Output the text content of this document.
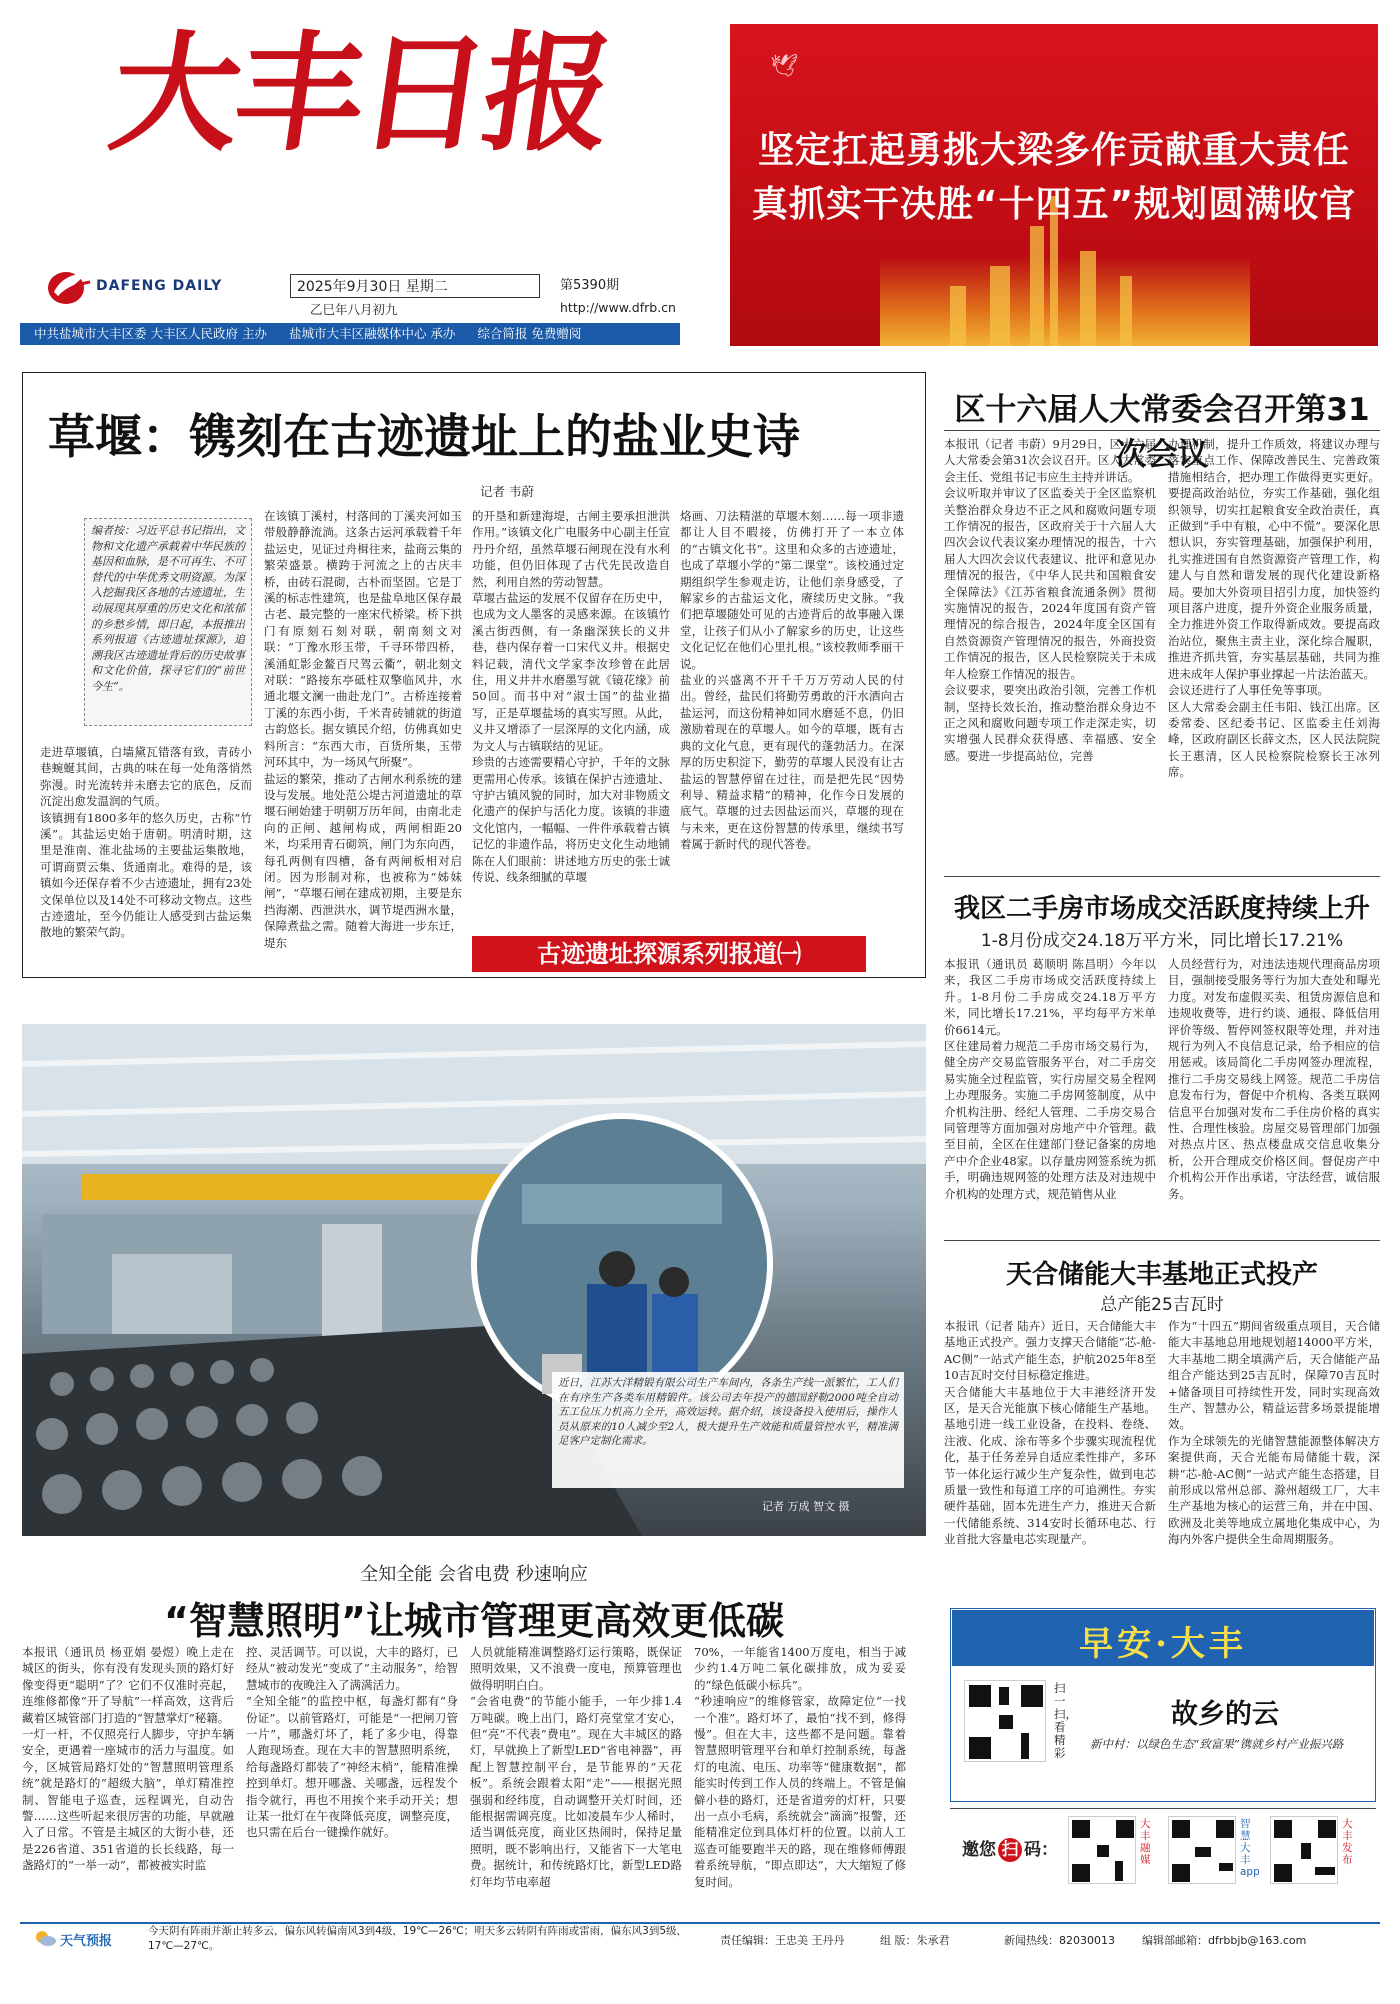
大丰日报
DAFENG DAILY	2025年9月30日 星期二
乙巳年八月初九
第5390期
http://www.dfrb.cn
中共盐城市大丰区委 大丰区人民政府 主办 盐城市大丰区融媒体中心 承办 综合简报 免费赠阅
🕊
坚定扛起勇挑大梁多作贡献重大责任
真抓实干决胜“十四五”规划圆满收官
草堰：镌刻在古迹遗址上的盐业史诗
记者 韦蔚
编者按：习近平总书记指出，文物和文化遗产承载着中华民族的基因和血脉，是不可再生、不可替代的中华优秀文明资源。为深入挖掘我区各地的古迹遗址，生动展现其厚重的历史文化和浓郁的乡愁乡情，即日起，本报推出系列报道《古迹遗址探源》，追溯我区古迹遗址背后的历史故事和文化价值，探寻它们的“前世今生”。
走进草堰镇，白墙黛瓦错落有致，青砖小巷蜿蜒其间，古典的味在每一处角落悄然弥漫。时光流转并未磨去它的底色，反而沉淀出愈发温润的气质。
该镇拥有1800多年的悠久历史，古称“竹溪”。其盐运史始于唐朝。明清时期，这里是淮南、淮北盐场的主要盐运集散地，可谓商贾云集、货通南北。难得的是，该镇如今还保存着不少古迹遗址，拥有23处文保单位以及14处不可移动文物点。这些古迹遗址，至今仍能让人感受到古盐运集散地的繁荣气韵。
在该镇丁溪村，村落间的丁溪夹河如玉带般静静流淌。这条古运河承载着千年盐运史，见证过舟楫往来，盐商云集的繁荣盛景。横跨于河流之上的古庆丰桥，由砖石混砌，古朴而坚固。它是丁溪的标志性建筑，也是盐阜地区保存最古老、最完整的一座宋代桥梁。桥下拱门有原刻石刻对联，朝南刻文对联：“丁豫水形玉带，千寻环带四桥，溪涌虹影金鳌百尺驾云衢”，朝北刻文对联：“路接东亭砥柱双擎临风井，水通北堰文澜一曲赴龙门”。古桥连接着丁溪的东西小街，千米青砖铺就的街道古韵悠长。据女镇民介绍，仿佛真如史料所言：“东西大市，百货所集，玉带河环其中，为一场风气所聚”。
盐运的繁荣，推动了古闸水利系统的建设与发展。地处范公堤古河道遗址的草堰石闸始建于明朝万历年间，由南北走向的正闸、越闸构成，两闸相距20米，均采用青石砌筑，闸门为东向西，每孔两侧有四槽，备有两闸板相对启闭。因为形制对称，也被称为“姊妹闸”，“草堰石闸在建成初期，主要是东挡海潮、西泄洪水，调节堤西洲水量，保障煮盐之需。随着大海进一步东迁，堤东
的开垦和新建海堤，古闸主要承担泄洪作用。”该镇文化广电服务中心副主任宣丹丹介绍，虽然草堰石闸现在没有水利功能，但仍旧体现了古代先民改造自然，利用自然的劳动智慧。
草堰古盐运的发展不仅留存在历史中，也成为文人墨客的灵感来源。在该镇竹溪古街西侧，有一条幽深狭长的义井巷，巷内保存着一口宋代义井。根据史料记载，清代文学家李汝珍曾在此居住，用义井井水磨墨写就《镜花缘》前50回。而书中对“淑士国”的盐业描写，正是草堰盐场的真实写照。从此，义井又增添了一层深厚的文化内涵，成为文人与古镇联结的见证。
珍贵的古迹需要精心守护，千年的文脉更需用心传承。该镇在保护古迹遗址、守护古镇风貌的同时，加大对非物质文化遗产的保护与活化力度。该镇的非遗文化馆内，一幅幅、一件件承载着古镇记忆的非遗作品，将历史文化生动地铺陈在人们眼前：讲述地方历史的张士诚传说、线条细腻的草堰
烙画、刀法精湛的草堰木刻……每一项非遗都让人目不暇接，仿佛打开了一本立体的“古镇文化书”。这里和众多的古迹遗址，也成了草堰小学的“第二课堂”。该校通过定期组织学生参观走访，让他们亲身感受，了解家乡的古盐运文化，赓续历史文脉。“我们把草堰随处可见的古迹背后的故事融入课堂，让孩子们从小了解家乡的历史，让这些文化记忆在他们心里扎根。”该校教师季丽干说。
盐业的兴盛离不开千千万万劳动人民的付出。曾经，盐民们将勤劳勇敢的汗水洒向古盐运河，而这份精神如同水磨延不息，仍旧激励着现在的草堰人。如今的草堰，既有古典的文化气息，更有现代的蓬勃活力。在深厚的历史积淀下，勤劳的草堰人民没有让古盐运的智慧停留在过往，而是把先民“因势利导、精益求精”的精神，化作今日发展的底气。草堰的过去因盐运而兴，草堰的现在与未来，更在这份智慧的传承里，继续书写着属于新时代的现代答卷。
古迹遗址探源系列报道㈠
区十六届人大常委会召开第31次会议
本报讯（记者 韦蔚）9月29日，区十六届人大常委会第31次会议召开。区人大常委会主任、党组书记韦应生主持并讲话。
会议听取并审议了区监委关于全区监察机关整治群众身边不正之风和腐败问题专项工作情况的报告，区政府关于十六届人大四次会议代表议案办理情况的报告，十六届人大四次会议代表建议、批评和意见办理情况的报告，《中华人民共和国粮食安全保障法》《江苏省粮食流通条例》贯彻实施情况的报告，2024年度国有资产管理情况的综合报告，2024年度全区国有自然资源资产管理情况的报告，外商投资工作情况的报告，区人民检察院关于未成年人检察工作情况的报告。
会议要求，要突出政治引领，完善工作机制，坚持长效长治，推动整治群众身边不正之风和腐败问题专项工作走深走实，切实增强人民群众获得感、幸福感、安全感。要进一步提高站位，完善
办理机制，提升工作质效，将建议办理与落实重点工作、保障改善民生、完善政策措施相结合，把办理工作做得更实更好。要提高政治站位，夯实工作基础，强化组织领导，切实扛起粮食安全政治责任，真正做到“手中有粮，心中不慌”。要深化思想认识，夯实管理基础，加强保护利用，扎实推进国有自然资源资产管理工作，构建人与自然和谐发展的现代化建设新格局。要加大外资项目招引力度，加快签约项目落户进度，提升外资企业服务质量，全力推进外资工作取得新成效。要提高政治站位，聚焦主责主业，深化综合履职，推进齐抓共管，夯实基层基础，共同为推进未成年人保护事业撑起一片法治蓝天。
会议还进行了人事任免等事项。
区人大常委会副主任韦阳、钱江出席。区委常委、区纪委书记、区监委主任刘海峰，区政府副区长薛文杰，区人民法院院长王惠清，区人民检察院检察长王冰列席。
我区二手房市场成交活跃度持续上升
1-8月份成交24.18万平方米，同比增长17.21%
本报讯（通讯员 葛顺明 陈昌明）今年以来，我区二手房市场成交活跃度持续上升。1-8月份二手房成交24.18万平方米，同比增长17.21%，平均每平方米单价6614元。
区住建局着力规范二手房市场交易行为，健全房产交易监管服务平台，对二手房交易实施全过程监管，实行房屋交易全程网上办理服务。实施二手房网签制度，从中介机构注册、经纪人管理、二手房交易合同管理等方面加强对房地产中介管理。截至目前，全区在住建部门登记备案的房地产中介企业48家。以存量房网签系统为抓手，明确违规网签的处理方法及对违规中介机构的处理方式，规范销售从业
人员经营行为，对违法违规代理商品房项目，强制接受服务等行为加大查处和曝光力度。对发布虚假买卖、租赁房源信息和违规收费等，进行约谈、通报、降低信用评价等级、暂停网签权限等处理，并对违规行为列入不良信息记录，给予相应的信用惩戒。该局简化二手房网签办理流程，推行二手房交易线上网签。规范二手房信息发布行为，督促中介机构、各类互联网信息平台加强对发布二手住房价格的真实性、合理性核验。房屋交易管理部门加强对热点片区、热点楼盘成交信息收集分析，公开合理成交价格区间。督促房产中介机构公开作出承诺，守法经营，诚信服务。
近日，江苏大洋精锻有限公司生产车间内，各条生产线一派繁忙，工人们在有序生产各类车用精锻件。该公司去年投产的德国舒勒2000吨全自动五工位压力机高力全开，高效运转。据介绍，该设备投入使用后，操作人员从原来的10人减少至2人，极大提升生产效能和质量管控水平，精准满足客户定制化需求。
记者 万成 智文 摄
天合储能大丰基地正式投产
总产能25吉瓦时
本报讯（记者 陆卉）近日，天合储能大丰基地正式投产。强力支撑天合储能“芯-舱-AC侧”一站式产能生态，护航2025年8至10吉瓦时交付目标稳定推进。
天合储能大丰基地位于大丰港经济开发区，是天合光能旗下核心储能生产基地。基地引进一线工业设备，在投料、卷绕、注液、化成、涂布等多个步骤实现流程优化，基于任务差异自适应柔性排产，多环节一体化运行减少生产复杂性，做到电芯质量一致性和每道工序的可追溯性。夯实硬件基础，固本先进生产力，推进天合新一代储能系统、314安时长循环电芯、行业首批大容量电芯实现量产。
作为“十四五”期间省级重点项目，天合储能大丰基地总用地规划超14000平方米，大丰基地二期全填满产后，天合储能产品组合产能达到25吉瓦时，保障70吉瓦时+储备项目可持续性开发，同时实现高效生产、智慧办公，精益运营多场景提能增效。
作为全球领先的光储智慧能源整体解决方案提供商，天合光能布局储能十载，深耕“芯-舱-AC侧”一站式产能生态搭建，目前形成以常州总部、滁州超级工厂，大丰生产基地为核心的运营三角，并在中国、欧洲及北美等地成立属地化集成中心，为海内外客户提供全生命周期服务。
全知全能 会省电费 秒速响应
“智慧照明”让城市管理更高效更低碳
本报讯（通讯员 杨亚娟 晏煜）晚上走在城区的街头，你有没有发现头顶的路灯好像变得更“聪明”了？它们不仅准时亮起，连维修都像“开了导航”一样高效，这背后藏着区城管部门打造的“智慧掌灯”秘籍。
一灯一杆，不仅照亮行人脚步，守护车辆安全，更遇着一座城市的活力与温度。如今，区城管局路灯处的“智慧照明管理系统”就是路灯的“超级大脑”，单灯精准控制、智能电子巡查，远程调光，自动告警……这些听起来很厉害的功能，早就融入了日常。不管是主城区的大街小巷，还是226省道、351省道的长长线路，每一盏路灯的“一举一动”，都被被实时监
控、灵活调节。可以说，大丰的路灯，已经从“被动发光”变成了“主动服务”，给智慧城市的夜晚注入了满满活力。
“全知全能”的监控中枢，每盏灯都有“身份证”。以前管路灯，可能是“一把闸刀管一片”，哪盏灯坏了，耗了多少电，得靠人跑现场查。现在大丰的智慧照明系统，给每盏路灯都装了“神经末梢”，能精准操控到单灯。想开哪盏、关哪盏，远程发个指令就行，再也不用挨个来手动开关；想让某一批灯在午夜降低亮度，调整亮度，也只需在后台一键操作就好。
人员就能精准调整路灯运行策略，既保证照明效果，又不浪费一度电，预算管理也做得明明白白。
“会省电费”的节能小能手，一年少排1.4万吨碳。晚上出门，路灯亮堂堂才安心，但“亮”不代表“费电”。现在大丰城区的路灯，早就换上了新型LED“省电神器”，再配上智慧控制平台，是节能界的“天花板”。系统会跟着太阳“走”——根据光照强弱和经纬度，自动调整开关灯时间，还能根据需调亮度。比如凌晨车少人稀时，适当调低亮度，商业区热闹时，保持足量照明，既不影响出行，又能省下一大笔电费。据统计，和传统路灯比，新型LED路灯年均节电率超
70%，一年能省1400万度电，相当于减少约1.4万吨二氧化碳排放，成为妥妥的“绿色低碳小标兵”。
“秒速响应”的维修管家，故障定位“一找一个准”。路灯坏了，最怕“找不到，修得慢”。但在大丰，这些都不是问题。靠着智慧照明管理平台和单灯控制系统，每盏灯的电流、电压、功率等“健康数据”，都能实时传到工作人员的终端上。不管是偏僻小巷的路灯，还是省道旁的灯杆，只要出一点小毛病，系统就会“滴滴”报警，还能精准定位到具体灯杆的位置。以前人工巡查可能要跑半天的路，现在维修师傅跟着系统导航，“即点即达”，大大缩短了修复时间。
早安·大丰
扫一扫，看精彩
故乡的云
新中村：以绿色生态“致富果”镌就乡村产业振兴路
邀您 扫 码：
大丰融媒
智慧大丰app
大丰发布
天气预报
今天阴有阵雨并渐止转多云，偏东风转偏南风3到4级，19℃—26℃；明天多云转阴有阵雨或雷雨，偏东风3到5级，17℃—27℃。	责任编辑：王忠美 王丹丹	组 版：朱承君	新闻热线：82030013 编辑部邮箱：dfrbbjb@163.com
